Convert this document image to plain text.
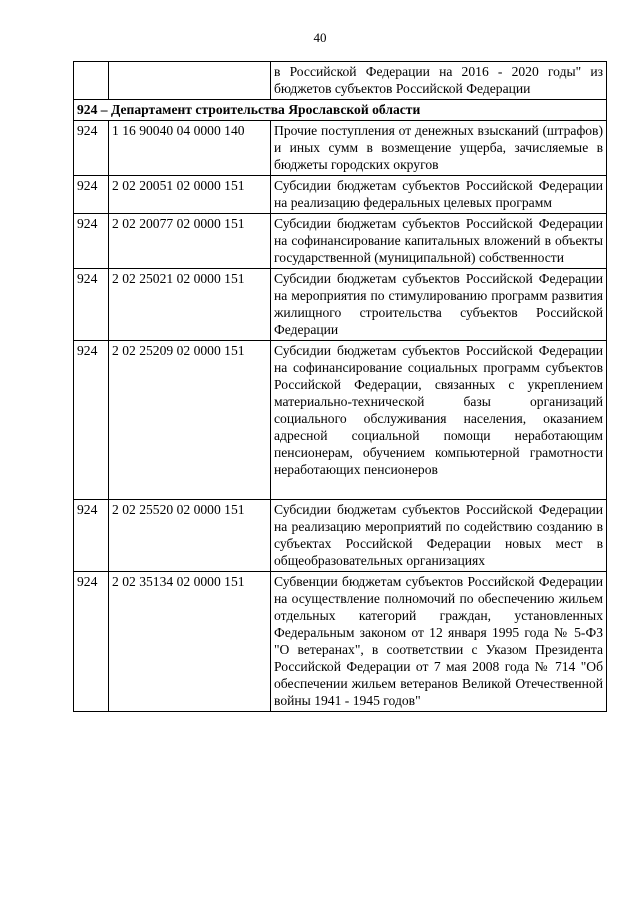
40
		в Российской Федерации на 2016 - 2020 годы" из бюджетов субъектов Российской Федерации
924 – Департамент строительства Ярославской области		
924	1 16 90040 04 0000 140	Прочие поступления от денежных взысканий (штрафов) и иных сумм в возмещение ущерба, зачисляемые в бюджеты городских округов
924	2 02 20051 02 0000 151	Субсидии бюджетам субъектов Российской Федерации на реализацию федеральных целевых программ
924	2 02 20077 02 0000 151	Субсидии бюджетам субъектов Российской Федерации на софинансирование капитальных вложений в объекты государственной (муниципальной) собственности
924	2 02 25021 02 0000 151	Субсидии бюджетам субъектов Российской Федерации на мероприятия по стимулированию программ развития жилищного строительства субъектов Российской Федерации
924	2 02 25209 02 0000 151	Субсидии бюджетам субъектов Российской Федерации на софинансирование социальных программ субъектов Российской Федерации, связанных с укреплением материально-технической базы организаций социального обслуживания населения, оказанием адресной социальной помощи неработающим пенсионерам, обучением компьютерной грамотности неработающих пенсионеров
924	2 02 25520 02 0000 151	Субсидии бюджетам субъектов Российской Федерации на реализацию мероприятий по содействию созданию в субъектах Российской Федерации новых мест в общеобразовательных организациях
924	2 02 35134 02 0000 151	Субвенции бюджетам субъектов Российской Федерации на осуществление полномочий по обеспечению жильем отдельных категорий граждан, установленных Федеральным законом от 12 января 1995 года № 5-ФЗ "О ветеранах", в соответствии с Указом Президента Российской Федерации от 7 мая 2008 года № 714 "Об обеспечении жильем ветеранов Великой Отечественной войны 1941 - 1945 годов"
